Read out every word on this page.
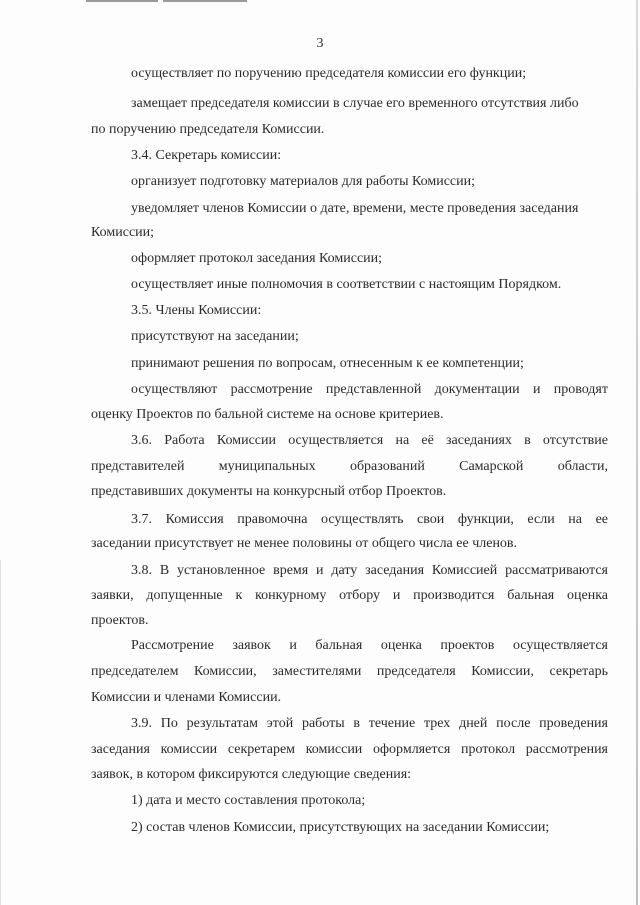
3
осуществляет по поручению председателя комиссии его функции;
замещает председателя комиссии в случае его временного отсутствия либо
по поручению председателя Комиссии.
3.4. Секретарь комиссии:
организует подготовку материалов для работы Комиссии;
уведомляет членов Комиссии о дате, времени, месте проведения заседания
Комиссии;
оформляет протокол заседания Комиссии;
осуществляет иные полномочия в соответствии с настоящим Порядком.
3.5. Члены Комиссии:
присутствуют на заседании;
принимают решения по вопросам, отнесенным к ее компетенции;
осуществляют рассмотрение представленной документации и проводят
оценку Проектов по бальной системе на основе критериев.
3.6. Работа Комиссии осуществляется на её заседаниях в отсутствие
представителей муниципальных образований Самарской области,
представивших документы на конкурсный отбор Проектов.
3.7. Комиссия правомочна осуществлять свои функции, если на ее
заседании присутствует не менее половины от общего числа ее членов.
3.8. В установленное время и дату заседания Комиссией рассматриваются
заявки, допущенные к конкурному отбору и производится бальная оценка
проектов.
Рассмотрение заявок и бальная оценка проектов осуществляется
председателем Комиссии, заместителями председателя Комиссии, секретарь
Комиссии и членами Комиссии.
3.9. По результатам этой работы в течение трех дней после проведения
заседания комиссии секретарем комиссии оформляется протокол рассмотрения
заявок, в котором фиксируются следующие сведения:
1) дата и место составления протокола;
2) состав членов Комиссии, присутствующих на заседании Комиссии;
